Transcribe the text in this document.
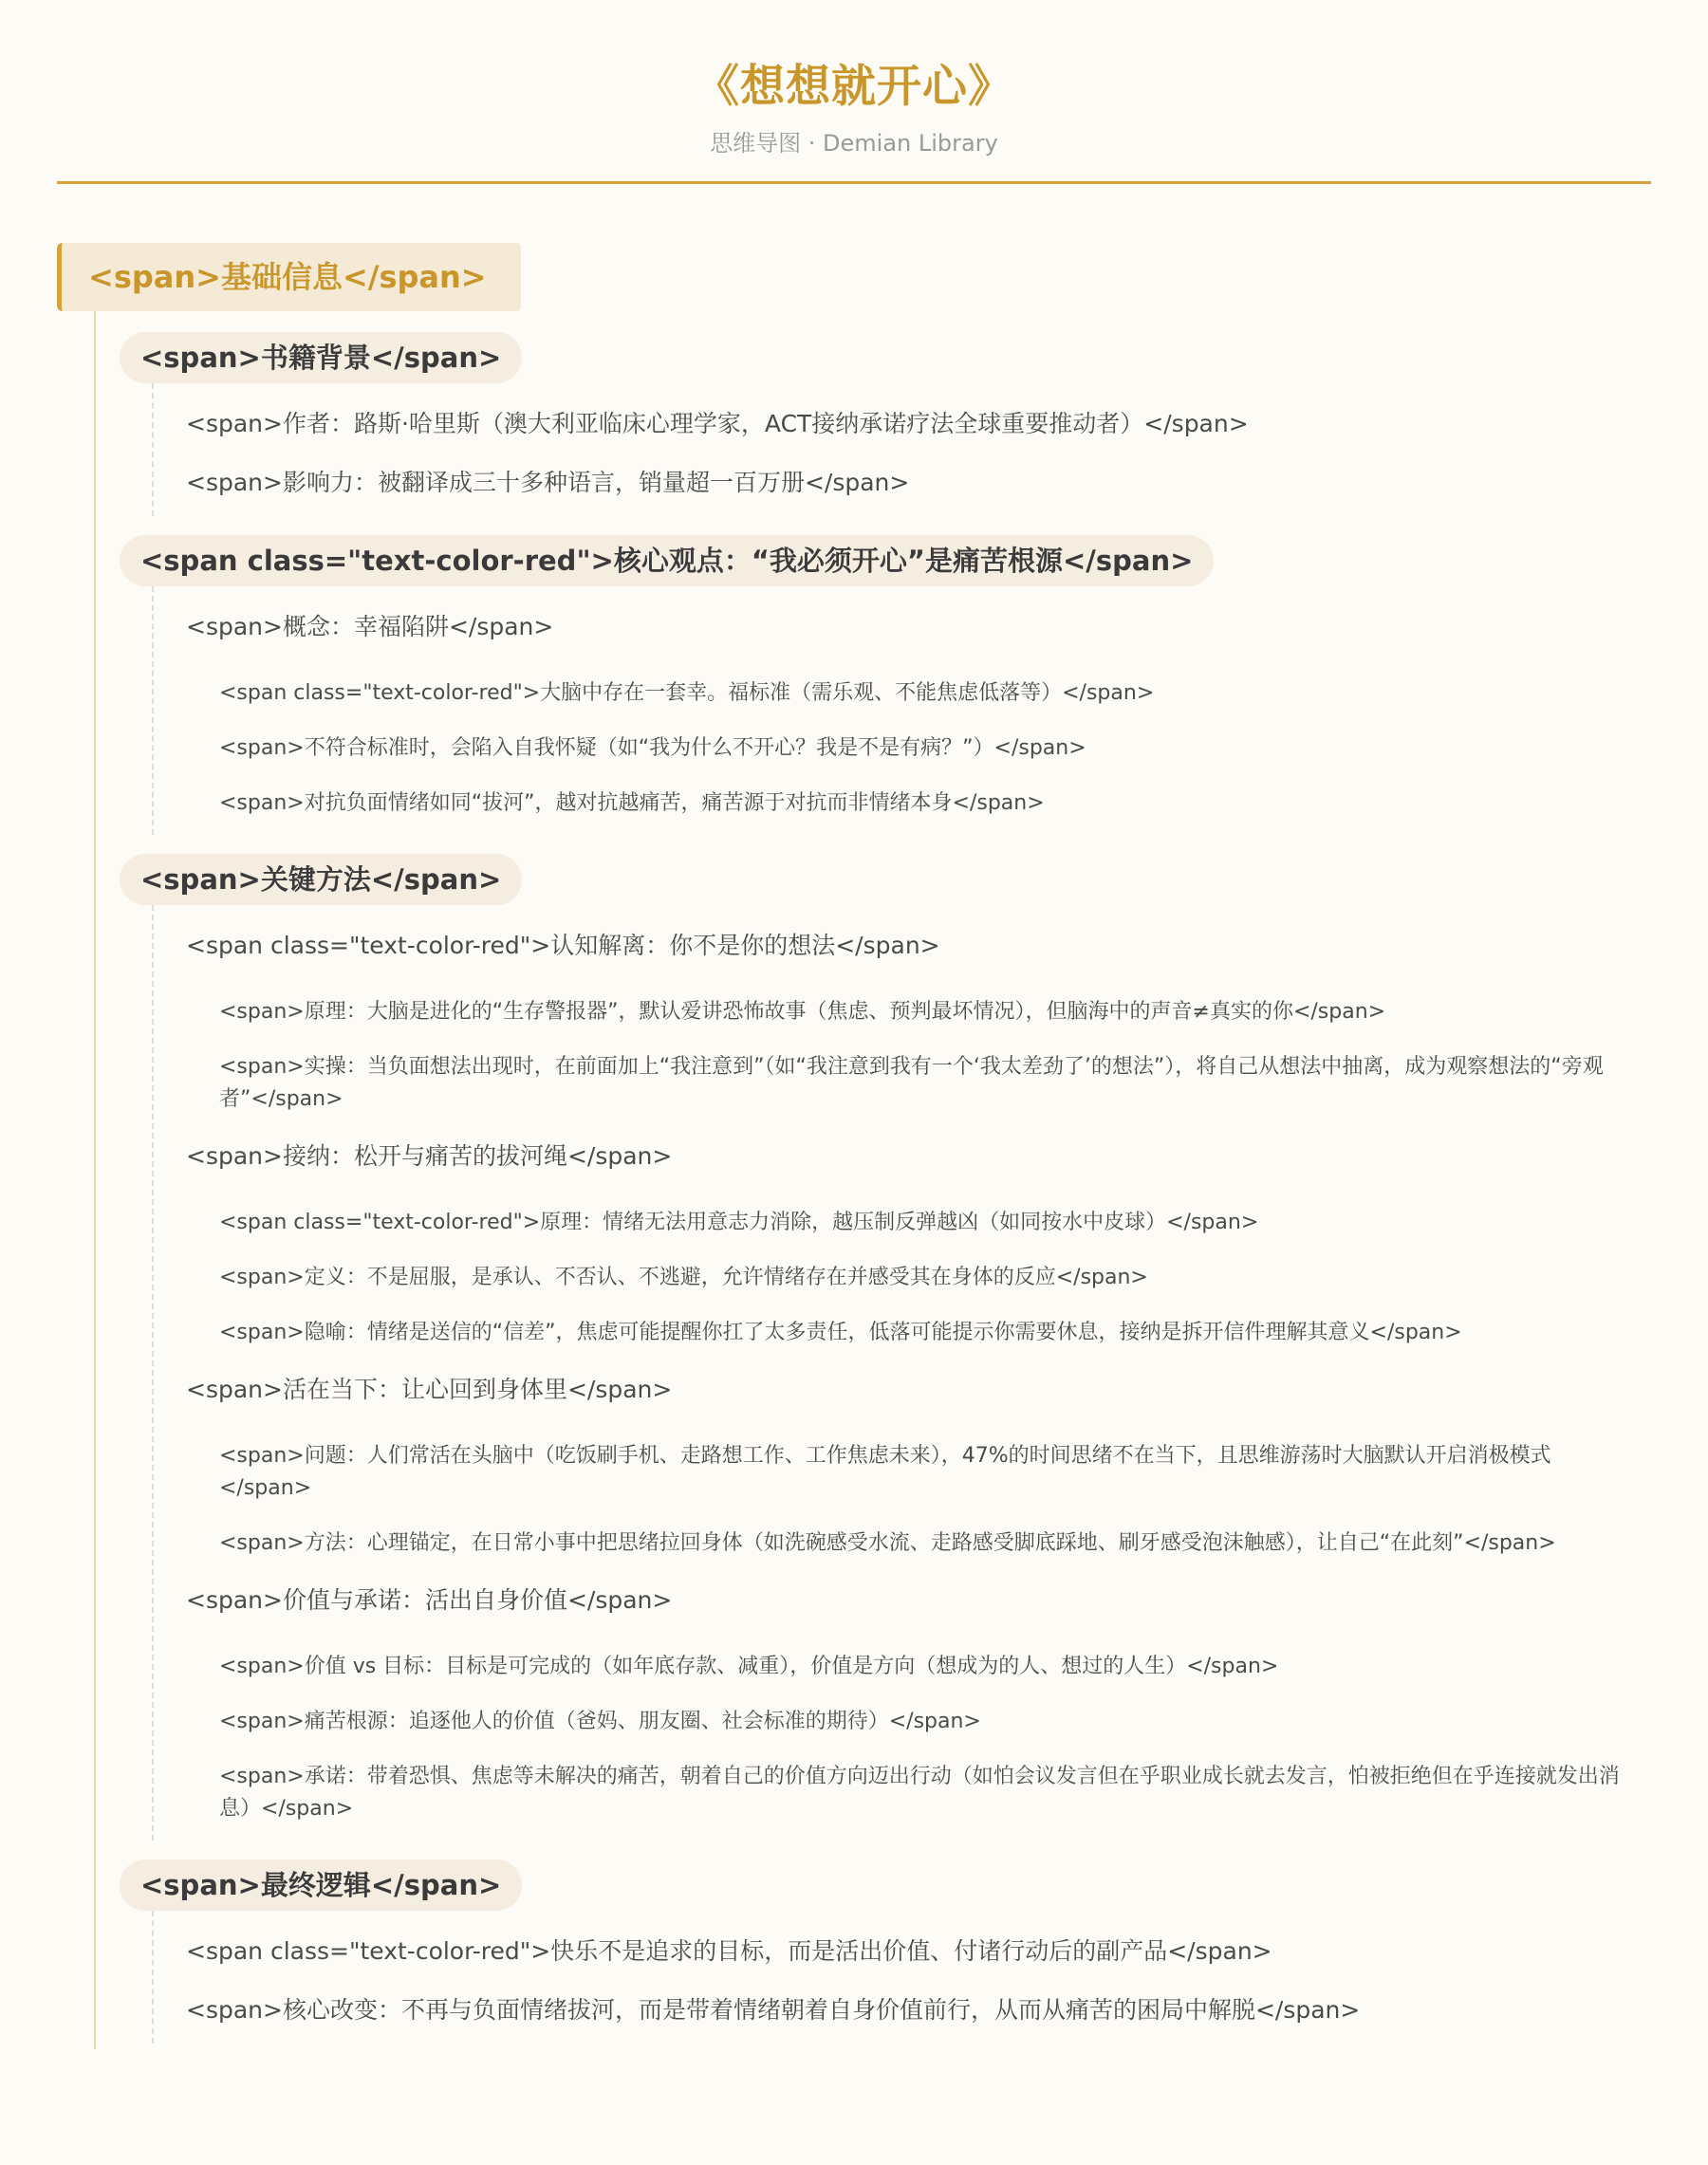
《想想就开心》
思维导图 · Demian Library
<span>基础信息</span>
<span>书籍背景</span>
<span>作者：路斯·哈里斯（澳大利亚临床心理学家，ACT接纳承诺疗法全球重要推动者）</span>
<span>影响力：被翻译成三十多种语言，销量超一百万册</span>
<span class="text-color-red">核心观点：“我必须开心”是痛苦根源</span>
<span>概念：幸福陷阱</span>
<span class="text-color-red">大脑中存在一套幸。福标准（需乐观、不能焦虑低落等）</span>
<span>不符合标准时，会陷入自我怀疑（如“我为什么不开心？我是不是有病？”）</span>
<span>对抗负面情绪如同“拔河”，越对抗越痛苦，痛苦源于对抗而非情绪本身</span>
<span>关键方法</span>
<span class="text-color-red">认知解离：你不是你的想法</span>
<span>原理：大脑是进化的“生存警报器”，默认爱讲恐怖故事（焦虑、预判最坏情况），但脑海中的声音≠真实的你</span>
<span>实操：当负面想法出现时，在前面加上“我注意到”（如“我注意到我有一个‘我太差劲了’的想法”），将自己从想法中抽离，成为观察想法的“旁观者”</span>
<span>接纳：松开与痛苦的拔河绳</span>
<span class="text-color-red">原理：情绪无法用意志力消除，越压制反弹越凶（如同按水中皮球）</span>
<span>定义：不是屈服，是承认、不否认、不逃避，允许情绪存在并感受其在身体的反应</span>
<span>隐喻：情绪是送信的“信差”，焦虑可能提醒你扛了太多责任，低落可能提示你需要休息，接纳是拆开信件理解其意义</span>
<span>活在当下：让心回到身体里</span>
<span>问题：人们常活在头脑中（吃饭刷手机、走路想工作、工作焦虑未来），47%的时间思绪不在当下，且思维游荡时大脑默认开启消极模式</span>
<span>方法：心理锚定，在日常小事中把思绪拉回身体（如洗碗感受水流、走路感受脚底踩地、刷牙感受泡沫触感），让自己“在此刻”</span>
<span>价值与承诺：活出自身价值</span>
<span>价值 vs 目标：目标是可完成的（如年底存款、减重），价值是方向（想成为的人、想过的人生）</span>
<span>痛苦根源：追逐他人的价值（爸妈、朋友圈、社会标准的期待）</span>
<span>承诺：带着恐惧、焦虑等未解决的痛苦，朝着自己的价值方向迈出行动（如怕会议发言但在乎职业成长就去发言，怕被拒绝但在乎连接就发出消息）</span>
<span>最终逻辑</span>
<span class="text-color-red">快乐不是追求的目标，而是活出价值、付诸行动后的副产品</span>
<span>核心改变：不再与负面情绪拔河，而是带着情绪朝着自身价值前行，从而从痛苦的困局中解脱</span>
